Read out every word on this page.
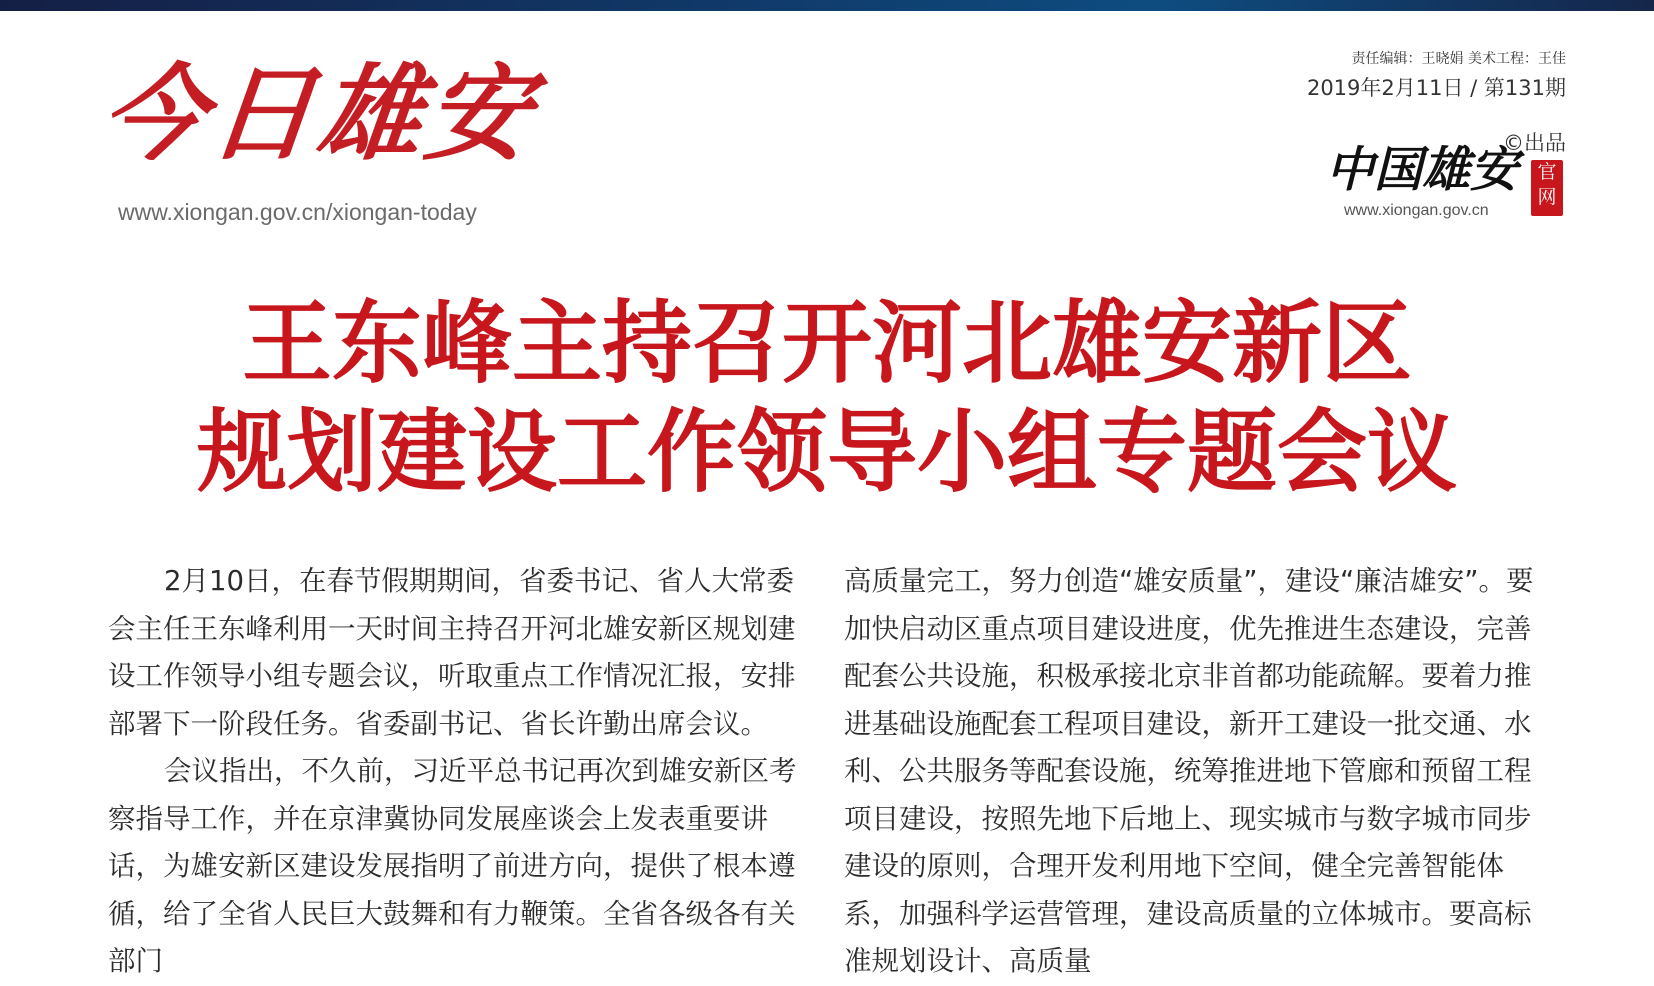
今日雄安
www.xiongan.gov.cn/xiongan-today
责任编辑：王晓娟 美术工程：王佳
2019年2月11日 / 第131期
©出品
中国雄安	官
网
www.xiongan.gov.cn
王东峰主持召开河北雄安新区
规划建设工作领导小组专题会议

2月10日，在春节假期期间，省委书记、省人大常委会主任王东峰利用一天时间主持召开河北雄安新区规划建设工作领导小组专题会议，听取重点工作情况汇报，安排部署下一阶段任务。省委副书记、省长许勤出席会议。

会议指出，不久前，习近平总书记再次到雄安新区考察指导工作，并在京津冀协同发展座谈会上发表重要讲话，为雄安新区建设发展指明了前进方向，提供了根本遵循，给了全省人民巨大鼓舞和有力鞭策。全省各级各有关部门

高质量完工，努力创造“雄安质量”，建设“廉洁雄安”。要加快启动区重点项目建设进度，优先推进生态建设，完善配套公共设施，积极承接北京非首都功能疏解。要着力推进基础设施配套工程项目建设，新开工建设一批交通、水利、公共服务等配套设施，统筹推进地下管廊和预留工程项目建设，按照先地下后地上、现实城市与数字城市同步建设的原则，合理开发利用地下空间，健全完善智能体系，加强科学运营管理，建设高质量的立体城市。要高标准规划设计、高质量
